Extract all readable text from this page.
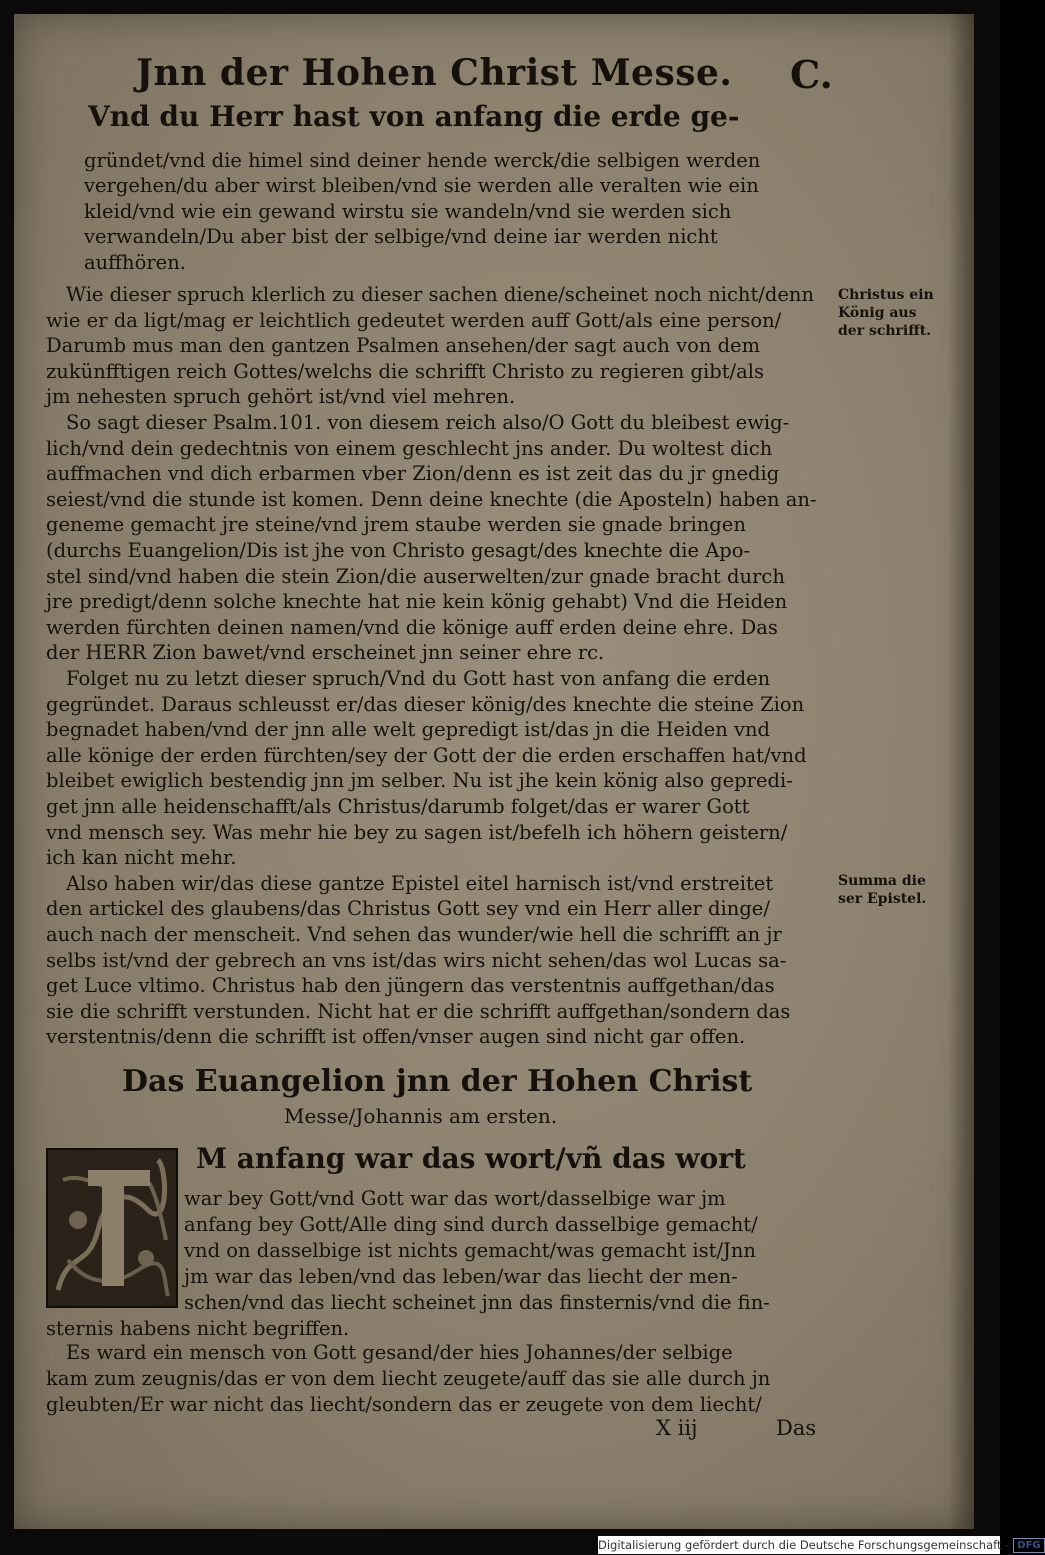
Jnn der Hohen Christ Messe.	C.
Vnd du Herr hast von anfang die erde ge-
gründet/vnd die himel sind deiner hende werck/die selbigen werden
vergehen/du aber wirst bleiben/vnd sie werden alle veralten wie ein
kleid/vnd wie ein gewand wirstu sie wandeln/vnd sie werden sich
verwandeln/Du aber bist der selbige/vnd deine iar werden nicht
auffhören.
Wie dieser spruch klerlich zu dieser sachen diene/scheinet noch nicht/denn
wie er da ligt/mag er leichtlich gedeutet werden auff Gott/als eine person/
Darumb mus man den gantzen Psalmen ansehen/der sagt auch von dem
zukünfftigen reich Gottes/welchs die schrifft Christo zu regieren gibt/als
jm nehesten spruch gehört ist/vnd viel mehren.
So sagt dieser Psalm.101. von diesem reich also/O Gott du bleibest ewig-
lich/vnd dein gedechtnis von einem geschlecht jns ander. Du woltest dich
auffmachen vnd dich erbarmen vber Zion/denn es ist zeit das du jr gnedig
seiest/vnd die stunde ist komen. Denn deine knechte (die Aposteln) haben an-
geneme gemacht jre steine/vnd jrem staube werden sie gnade bringen
(durchs Euangelion/Dis ist jhe von Christo gesagt/des knechte die Apo-
stel sind/vnd haben die stein Zion/die auserwelten/zur gnade bracht durch
jre predigt/denn solche knechte hat nie kein könig gehabt) Vnd die Heiden
werden fürchten deinen namen/vnd die könige auff erden deine ehre. Das
der HERR Zion bawet/vnd erscheinet jnn seiner ehre rc.
Folget nu zu letzt dieser spruch/Vnd du Gott hast von anfang die erden
gegründet. Daraus schleusst er/das dieser könig/des knechte die steine Zion
begnadet haben/vnd der jnn alle welt gepredigt ist/das jn die Heiden vnd
alle könige der erden fürchten/sey der Gott der die erden erschaffen hat/vnd
bleibet ewiglich bestendig jnn jm selber. Nu ist jhe kein könig also gepredi-
get jnn alle heidenschafft/als Christus/darumb folget/das er warer Gott
vnd mensch sey. Was mehr hie bey zu sagen ist/befelh ich höhern geistern/
ich kan nicht mehr.
Also haben wir/das diese gantze Epistel eitel harnisch ist/vnd erstreitet
den artickel des glaubens/das Christus Gott sey vnd ein Herr aller dinge/
auch nach der menscheit. Vnd sehen das wunder/wie hell die schrifft an jr
selbs ist/vnd der gebrech an vns ist/das wirs nicht sehen/das wol Lucas sa-
get Luce vltimo. Christus hab den jüngern das verstentnis auffgethan/das
sie die schrifft verstunden. Nicht hat er die schrifft auffgethan/sondern das
verstentnis/denn die schrifft ist offen/vnser augen sind nicht gar offen.
Christus ein
König aus
der schrifft.
Summa die
ser Epistel.
Das Euangelion jnn der Hohen Christ
Messe/Johannis am ersten.
M anfang war das wort/vñ das wort
war bey Gott/vnd Gott war das wort/dasselbige war jm
anfang bey Gott/Alle ding sind durch dasselbige gemacht/
vnd on dasselbige ist nichts gemacht/was gemacht ist/Jnn
jm war das leben/vnd das leben/war das liecht der men-
schen/vnd das liecht scheinet jnn das finsternis/vnd die fin-
sternis habens nicht begriffen.
Es ward ein mensch von Gott gesand/der hies Johannes/der selbige
kam zum zeugnis/das er von dem liecht zeugete/auff das sie alle durch jn
gleubten/Er war nicht das liecht/sondern das er zeugete von dem liecht/
X iij	Das
Digitalisierung gefördert durch die Deutsche Forschungsgemeinschaft - DFG
